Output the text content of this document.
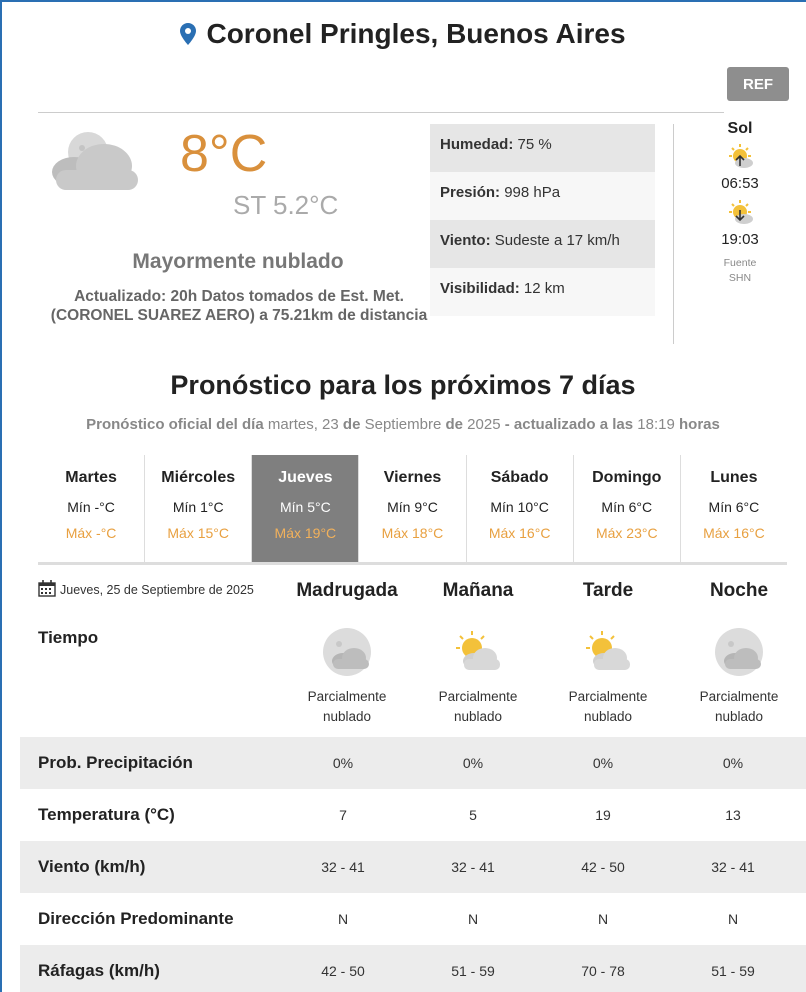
Coronel Pringles, Buenos Aires
REF
8°C
ST 5.2°C
Mayormente nublado
Actualizado: 20h Datos tomados de Est. Met. (CORONEL SUAREZ AERO) a 75.21km de distancia
Humedad: 75 %
Presión: 998 hPa
Viento: Sudeste a 17 km/h
Visibilidad: 12 km
Sol
06:53
19:03
Fuente
SHN
Pronóstico para los próximos 7 días
Pronóstico oficial del día martes, 23 de Septiembre de 2025 - actualizado a las 18:19 horas
Martes
Mín -°C
Máx -°C
Miércoles
Mín 1°C
Máx 15°C
Jueves
Mín 5°C
Máx 19°C
Viernes
Mín 9°C
Máx 18°C
Sábado
Mín 10°C
Máx 16°C
Domingo
Mín 6°C
Máx 23°C
Lunes
Mín 6°C
Máx 16°C
Jueves, 25 de Septiembre de 2025	Madrugada	Mañana	Tarde	Noche
Tiempo
Parcialmente
nublado
Parcialmente
nublado
Parcialmente
nublado
Parcialmente
nublado
Prob. Precipitación	0%	0%	0%	0%
Temperatura (°C)	7	5	19	13
Viento (km/h)	32 - 41	32 - 41	42 - 50	32 - 41
Dirección Predominante	N	N	N	N
Ráfagas (km/h)	42 - 50	51 - 59	70 - 78	51 - 59
